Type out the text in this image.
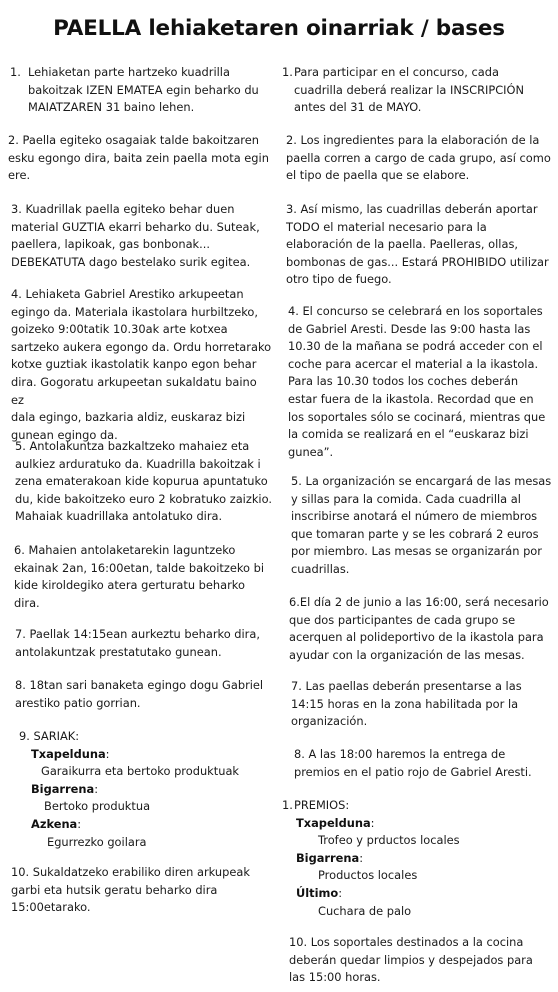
PAELLA lehiaketaren oinarriak / bases
1. Lehiaketan parte hartzeko kuadrilla
bakoitzak IZEN EMATEA egin beharko du
MAIATZAREN 31 baino lehen.

2. Paella egiteko osagaiak talde bakoitzaren
esku egongo dira, baita zein paella mota egin
ere.

3. Kuadrillak paella egiteko behar duen
material GUZTIA ekarri beharko du. Suteak,
paellera, lapikoak, gas bonbonak...
DEBEKATUTA dago bestelako surik egitea.

4. Lehiaketa Gabriel Arestiko arkupeetan
egingo da. Materiala ikastolara hurbiltzeko,
goizeko 9:00tatik 10.30ak arte kotxea
sartzeko aukera egongo da. Ordu horretarako
kotxe guztiak ikastolatik kanpo egon behar
dira. Gogoratu arkupeetan sukaldatu baino ez
dala egingo, bazkaria aldiz, euskaraz bizi
gunean egingo da.

5. Antolakuntza bazkaltzeko mahaiez eta
aulkiez arduratuko da. Kuadrilla bakoitzak i
zena ematerakoan kide kopurua apuntatuko
du, kide bakoitzeko euro 2 kobratuko zaizkio.
Mahaiak kuadrillaka antolatuko dira.

6. Mahaien antolaketarekin laguntzeko
ekainak 2an, 16:00etan, talde bakoitzeko bi
kide kiroldegiko atera gerturatu beharko
dira.

7. Paellak 14:15ean aurkeztu beharko dira,
antolakuntzak prestatutako gunean.

8. 18tan sari banaketa egingo dogu Gabriel
arestiko patio gorrian.

9. SARIAK:

Txapelduna:
Garaikurra eta bertoko produktuak
Bigarrena:
Bertoko produktua
Azkena:
Egurrezko goilara

10. Sukaldatzeko erabiliko diren arkupeak
garbi eta hutsik geratu beharko dira
15:00etarako.

1. Para participar en el concurso, cada
cuadrilla deberá realizar la INSCRIPCIÓN
antes del 31 de MAYO.

2. Los ingredientes para la elaboración de la
paella corren a cargo de cada grupo, así como
el tipo de paella que se elabore.

3. Así mismo, las cuadrillas deberán aportar
TODO el material necesario para la
elaboración de la paella. Paelleras, ollas,
bombonas de gas... Estará PROHIBIDO utilizar
otro tipo de fuego.

4. El concurso se celebrará en los soportales
de Gabriel Aresti. Desde las 9:00 hasta las
10.30 de la mañana se podrá acceder con el
coche para acercar el material a la ikastola.
Para las 10.30 todos los coches deberán
estar fuera de la ikastola. Recordad que en
los soportales sólo se cocinará, mientras que
la comida se realizará en el “euskaraz bizi
gunea”.

5. La organización se encargará de las mesas
y sillas para la comida. Cada cuadrilla al
inscribirse anotará el número de miembros
que tomaran parte y se les cobrará 2 euros
por miembro. Las mesas se organizarán por
cuadrillas.

6.El día 2 de junio a las 16:00, será necesario
que dos participantes de cada grupo se
acerquen al polideportivo de la ikastola para
ayudar con la organización de las mesas.

7. Las paellas deberán presentarse a las
14:15 horas en la zona habilitada por la
organización.

8. A las 18:00 haremos la entrega de
premios en el patio rojo de Gabriel Aresti.

1. PREMIOS:

Txapelduna:
Trofeo y prductos locales
Bigarrena:
Productos locales
Último:
Cuchara de palo

10. Los soportales destinados a la cocina
deberán quedar limpios y despejados para
las 15:00 horas.
